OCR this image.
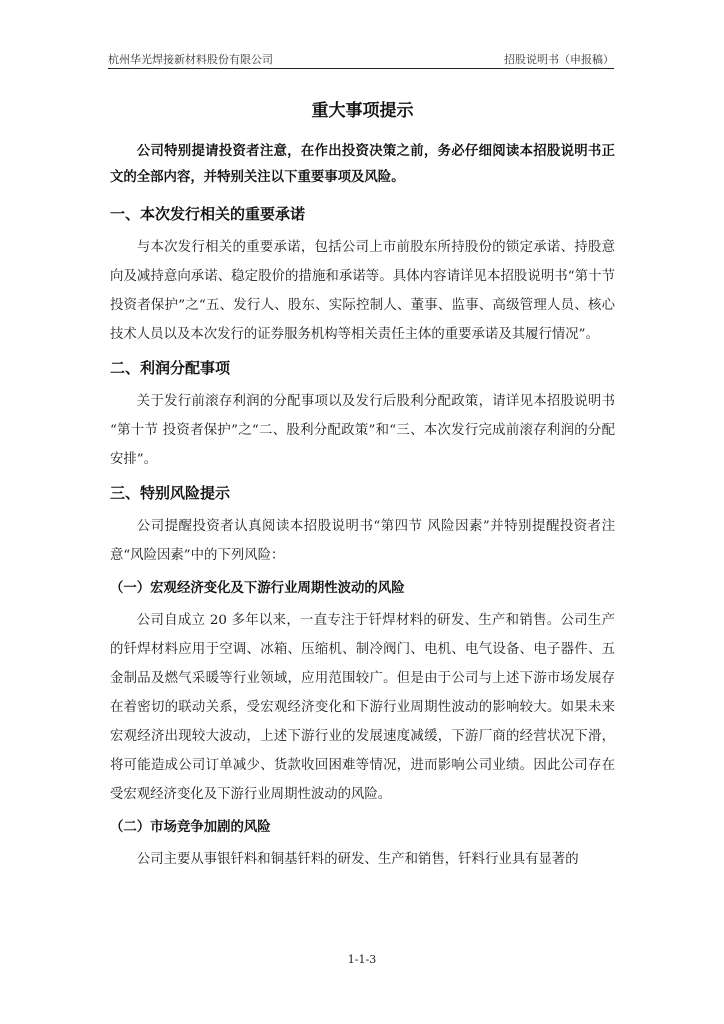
杭州华光焊接新材料股份有限公司	招股说明书（申报稿）
重大事项提示

公司特别提请投资者注意，在作出投资决策之前，务必仔细阅读本招股说明书正文的全部内容，并特别关注以下重要事项及风险。

一、本次发行相关的重要承诺

与本次发行相关的重要承诺，包括公司上市前股东所持股份的锁定承诺、持股意向及减持意向承诺、稳定股价的措施和承诺等。具体内容请详见本招股说明书“第十节 投资者保护”之“五、发行人、股东、实际控制人、董事、监事、高级管理人员、核心技术人员以及本次发行的证券服务机构等相关责任主体的重要承诺及其履行情况”。

二、利润分配事项

关于发行前滚存利润的分配事项以及发行后股利分配政策，请详见本招股说明书 “第十节 投资者保护”之“二、股利分配政策”和“三、本次发行完成前滚存利润的分配安排”。

三、特别风险提示

公司提醒投资者认真阅读本招股说明书“第四节 风险因素”并特别提醒投资者注意“风险因素”中的下列风险：

（一）宏观经济变化及下游行业周期性波动的风险

公司自成立 20 多年以来，一直专注于钎焊材料的研发、生产和销售。公司生产的钎焊材料应用于空调、冰箱、压缩机、制冷阀门、电机、电气设备、电子器件、五金制品及燃气采暖等行业领域，应用范围较广。但是由于公司与上述下游市场发展存在着密切的联动关系，受宏观经济变化和下游行业周期性波动的影响较大。如果未来宏观经济出现较大波动，上述下游行业的发展速度减缓，下游厂商的经营状况下滑，将可能造成公司订单减少、货款收回困难等情况，进而影响公司业绩。因此公司存在受宏观经济变化及下游行业周期性波动的风险。

（二）市场竞争加剧的风险

公司主要从事银钎料和铜基钎料的研发、生产和销售，钎料行业具有显著的

1-1-3
